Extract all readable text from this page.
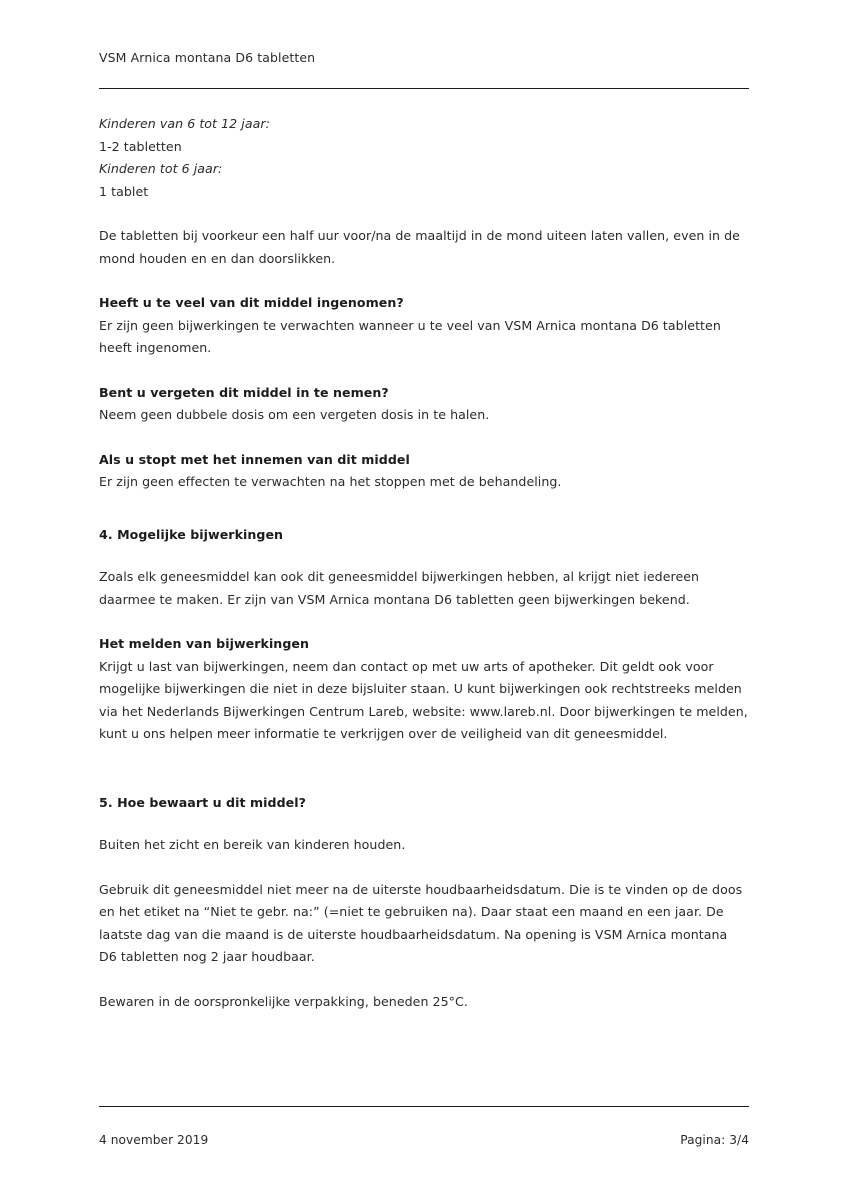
VSM Arnica montana D6 tabletten
Kinderen van 6 tot 12 jaar:
1-2 tabletten
Kinderen tot 6 jaar:
1 tablet

De tabletten bij voorkeur een half uur voor/na de maaltijd in de mond uiteen laten vallen, even in de mond houden en en dan doorslikken.

Heeft u te veel van dit middel ingenomen?

Er zijn geen bijwerkingen te verwachten wanneer u te veel van VSM Arnica montana D6 tabletten heeft ingenomen.

Bent u vergeten dit middel in te nemen?

Neem geen dubbele dosis om een vergeten dosis in te halen.

Als u stopt met het innemen van dit middel

Er zijn geen effecten te verwachten na het stoppen met de behandeling.

4. Mogelijke bijwerkingen

Zoals elk geneesmiddel kan ook dit geneesmiddel bijwerkingen hebben, al krijgt niet iedereen daarmee te maken. Er zijn van VSM Arnica montana D6 tabletten geen bijwerkingen bekend.

Het melden van bijwerkingen

Krijgt u last van bijwerkingen, neem dan contact op met uw arts of apotheker. Dit geldt ook voor mogelijke bijwerkingen die niet in deze bijsluiter staan. U kunt bijwerkingen ook rechtstreeks melden via het Nederlands Bijwerkingen Centrum Lareb, website: www.lareb.nl. Door bijwerkingen te melden, kunt u ons helpen meer informatie te verkrijgen over de veiligheid van dit geneesmiddel.

5. Hoe bewaart u dit middel?

Buiten het zicht en bereik van kinderen houden.

Gebruik dit geneesmiddel niet meer na de uiterste houdbaarheidsdatum. Die is te vinden op de doos en het etiket na “Niet te gebr. na:” (=niet te gebruiken na). Daar staat een maand en een jaar. De laatste dag van die maand is de uiterste houdbaarheidsdatum. Na opening is VSM Arnica montana D6 tabletten nog 2 jaar houdbaar.

Bewaren in de oorspronkelijke verpakking, beneden 25°C.

4 november 2019	Pagina: 3/4
